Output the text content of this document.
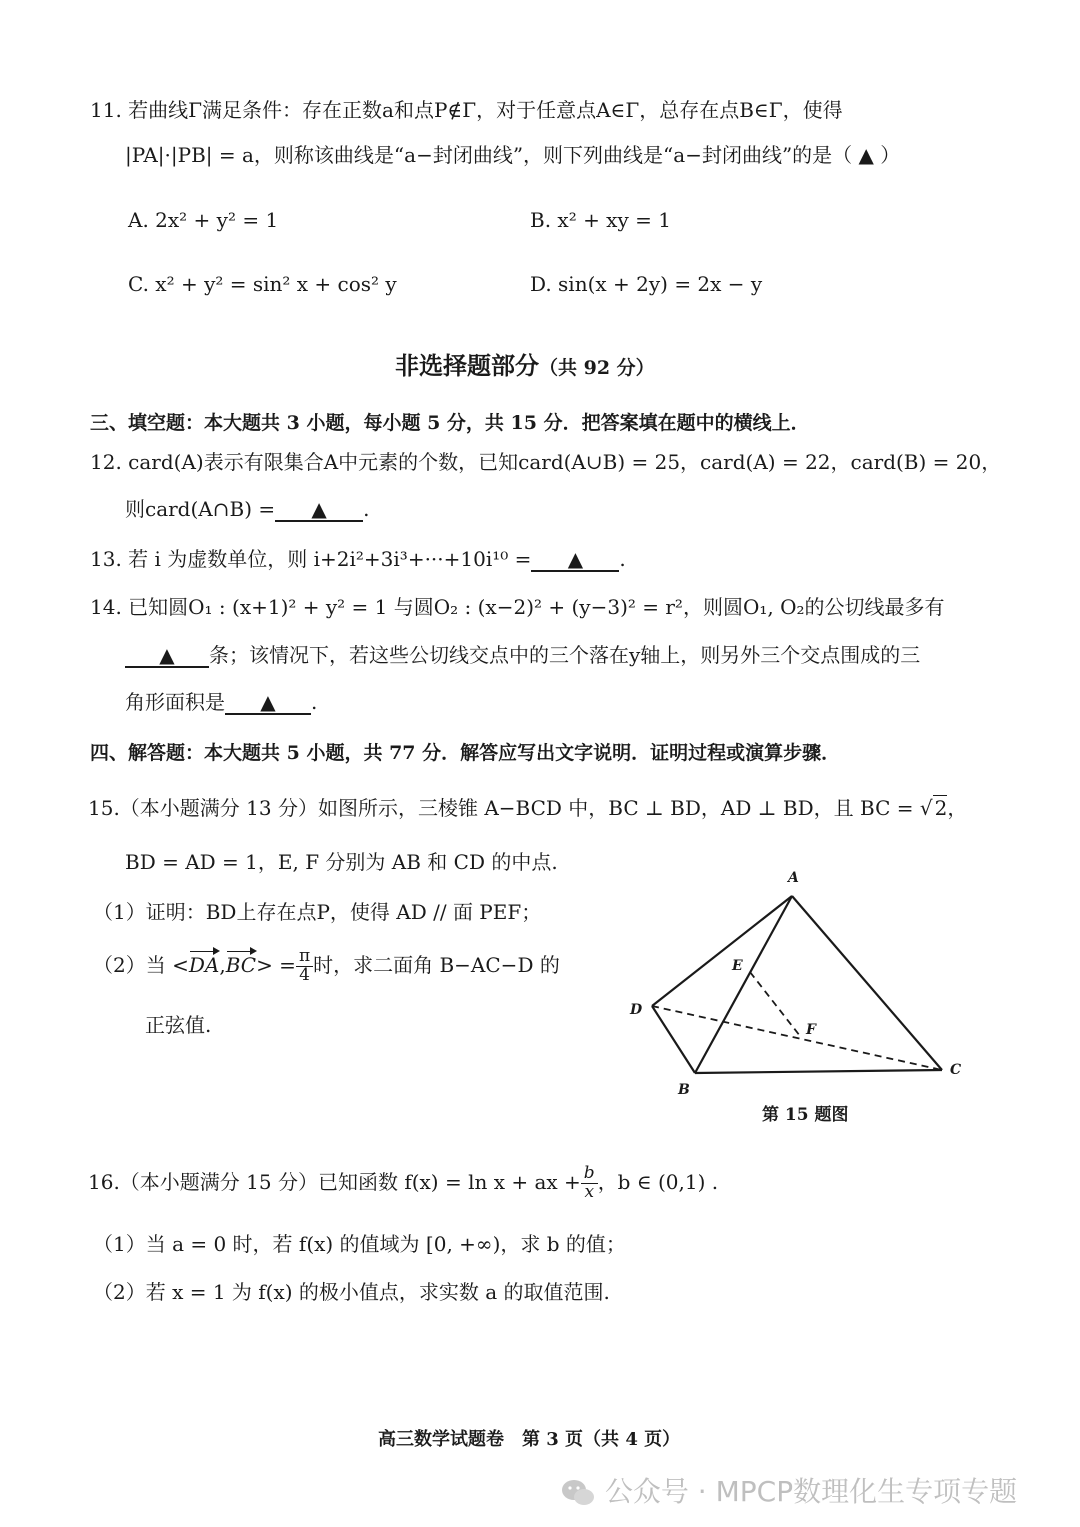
11. 若曲线Γ满足条件：存在正数a和点P∉Γ，对于任意点A∈Γ，总存在点B∈Γ，使得
|PA|·|PB| = a，则称该曲线是“a−封闭曲线”，则下列曲线是“a−封闭曲线”的是（ ▲ ）
A. 2x² + y² = 1	B. x² + xy = 1
C. x² + y² = sin² x + cos² y	D. sin(x + 2y) = 2x − y
非选择题部分（共 92 分）
三、填空题：本大题共 3 小题，每小题 5 分，共 15 分．把答案填在题中的横线上．
12. card(A)表示有限集合A中元素的个数，已知card(A∪B) = 25，card(A) = 22，card(B) = 20，
则card(A∩B) = ▲ .
13. 若 i 为虚数单位，则 i+2i²+3i³+···+10i¹⁰ = ▲ .
14. 已知圆O₁ : (x+1)² + y² = 1 与圆O₂ : (x−2)² + (y−3)² = r²，则圆O₁, O₂的公切线最多有
▲ 条；该情况下，若这些公切线交点中的三个落在y轴上，则另外三个交点围成的三
角形面积是 ▲ .
四、解答题：本大题共 5 小题，共 77 分．解答应写出文字说明．证明过程或演算步骤．
15.（本小题满分 13 分）如图所示，三棱锥 A−BCD 中，BC ⊥ BD，AD ⊥ BD，且 BC = √ 2，
BD = AD = 1，E, F 分别为 AB 和 CD 的中点.
（1）证明：BD上存在点P，使得 AD // 面 PEF；
（2）当 $<DA,BC> = \frac{\pi}{4}$ 时，求二面角 B−AC−D 的
正弦值.
A
B
C
D
E
F
第 15 题图
16.（本小题满分 15 分）已知函数 f(x) = ln x + ax + $\frac{b}{x}$ ，b ∈ (0,1) .
（1）当 a = 0 时，若 f(x) 的值域为 [0, +∞)，求 b 的值；
（2）若 x = 1 为 f(x) 的极小值点，求实数 a 的取值范围.
高三数学试题卷　第 3 页（共 4 页）
公众号 · MPCP数理化生专项专题
